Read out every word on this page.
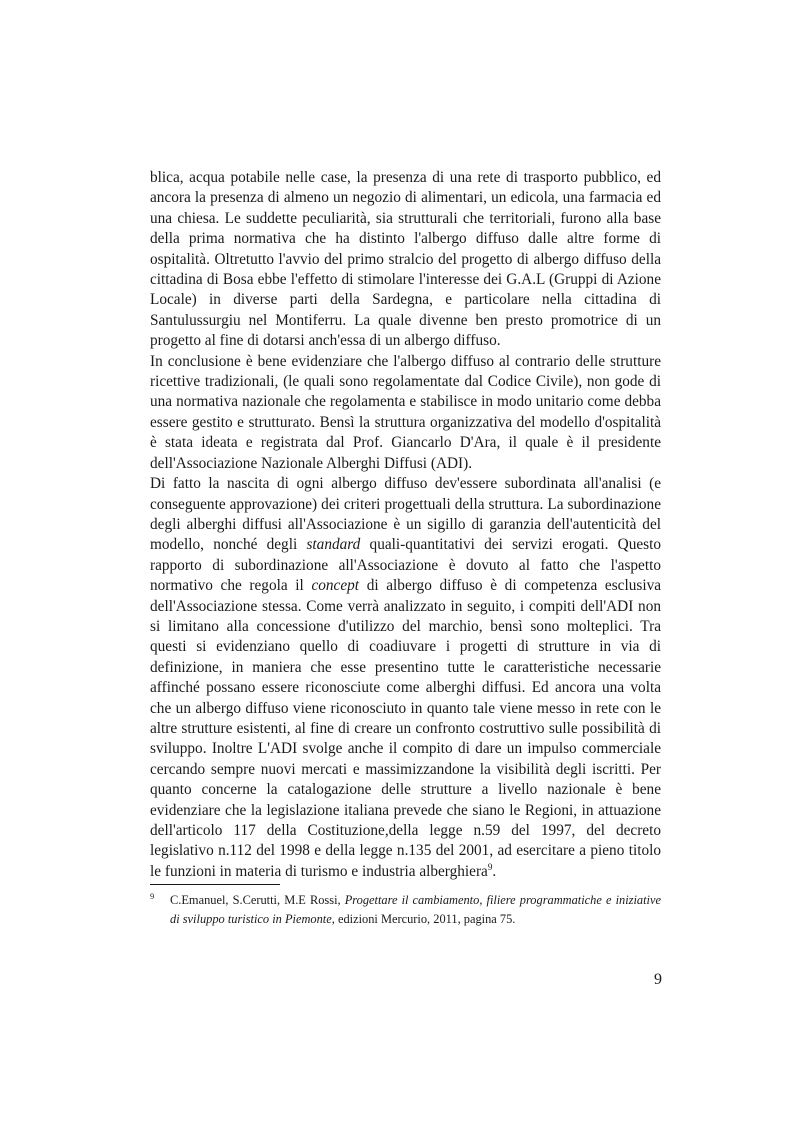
blica, acqua potabile nelle case, la presenza di una rete di trasporto pubblico, ed ancora la presenza di almeno un negozio di alimentari, un edicola, una farmacia ed una chiesa. Le suddette peculiarità, sia strutturali che territoriali, furono alla base della prima normativa che ha distinto l'albergo diffuso dalle altre forme di ospitalità. Oltretutto l'avvio del primo stralcio del progetto di albergo diffuso della cittadina di Bosa ebbe l'effetto di stimolare l'interesse dei G.A.L (Gruppi di Azione Locale) in diverse parti della Sardegna, e particolare nella cittadina di Santulussurgiu nel Montiferru. La quale divenne ben presto promotrice di un progetto al fine di dotarsi anch'essa di un albergo diffuso.

In conclusione è bene evidenziare che l'albergo diffuso al contrario delle strutture ricettive tradizionali, (le quali sono regolamentate dal Codice Civile), non gode di una normativa nazionale che regolamenta e stabilisce in modo unitario come debba essere gestito e strutturato. Bensì la struttura organizzativa del modello d'ospitalità è stata ideata e registrata dal Prof. Giancarlo D'Ara, il quale è il presidente dell'Associazione Nazionale Alberghi Diffusi (ADI).

Di fatto la nascita di ogni albergo diffuso dev'essere subordinata all'analisi (e conseguente approvazione) dei criteri progettuali della struttura. La subordinazione degli alberghi diffusi all'Associazione è un sigillo di garanzia dell'autenticità del modello, nonché degli standard quali-quantitativi dei servizi erogati. Questo rapporto di subordinazione all'Associazione è dovuto al fatto che l'aspetto normativo che regola il concept di albergo diffuso è di competenza esclusiva dell'Associazione stessa. Come verrà analizzato in seguito, i compiti dell'ADI non si limitano alla concessione d'utilizzo del marchio, bensì sono molteplici. Tra questi si evidenziano quello di coadiuvare i progetti di strutture in via di definizione, in maniera che esse presentino tutte le caratteristiche necessarie affinché possano essere riconosciute come alberghi diffusi. Ed ancora una volta che un albergo diffuso viene riconosciuto in quanto tale viene messo in rete con le altre strutture esistenti, al fine di creare un confronto costruttivo sulle possibilità di sviluppo. Inoltre L'ADI svolge anche il compito di dare un impulso commerciale cercando sempre nuovi mercati e massimizzandone la visibilità degli iscritti. Per quanto concerne la catalogazione delle strutture a livello nazionale è bene evidenziare che la legislazione italiana prevede che siano le Regioni, in attuazione dell'articolo 117 della Costituzione,della legge n.59 del 1997, del decreto legislativo n.112 del 1998 e della legge n.135 del 2001, ad esercitare a pieno titolo le funzioni in materia di turismo e industria alberghiera$^9$.

9	C.Emanuel, S.Cerutti, M.E Rossi, Progettare il cambiamento, filiere programmatiche e iniziative di sviluppo turistico in Piemonte, edizioni Mercurio, 2011, pagina 75.
9
